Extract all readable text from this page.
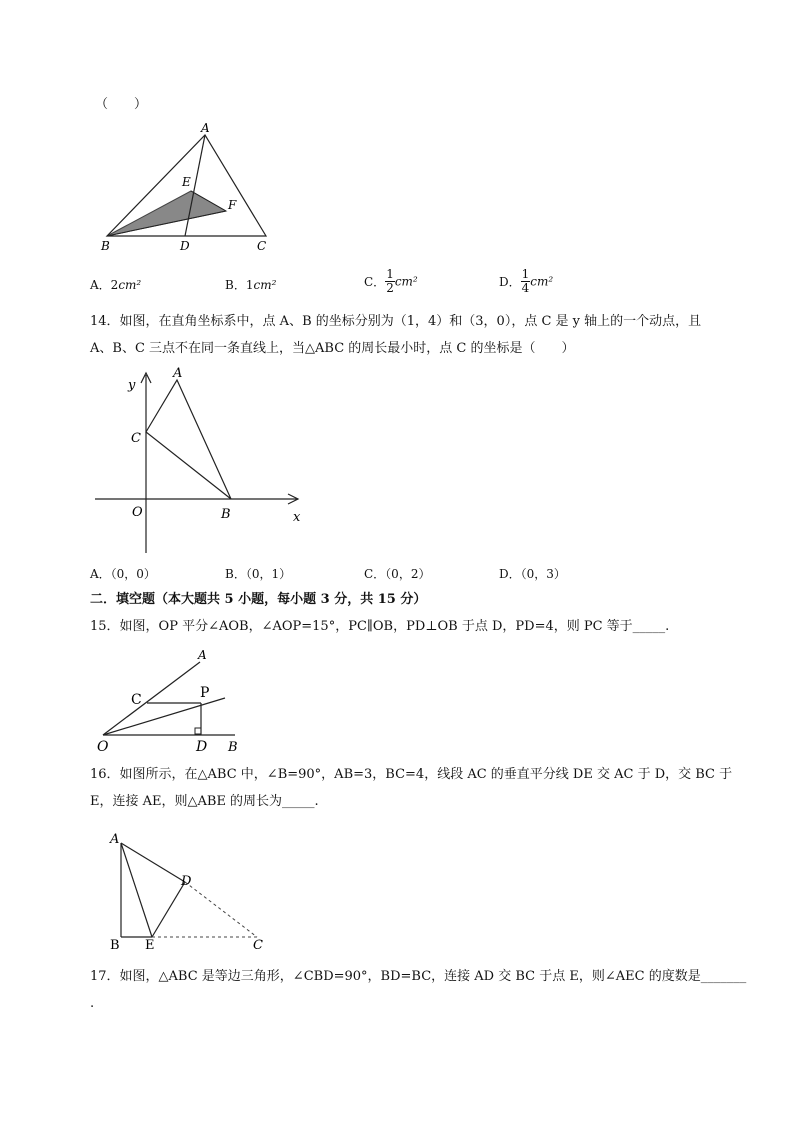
（　　）
A
E
F
B	D	C
A．2cm²	B．1cm²	C． $\frac{1}{2} cm^2$	D． $\frac{1}{4} cm^2$
14．如图，在直角坐标系中，点 A、B 的坐标分别为（1，4）和（3，0），点 C 是 y 轴上的一个动点，且
A、B、C 三点不在同一条直线上，当△ABC 的周长最小时，点 C 的坐标是（　　）
y
A
C
O	B	x
A．（0，0）	B．（0，1）	C．（0，2）	D．（0，3）
二．填空题（本大题共 5 小题，每小题 3 分，共 15 分）
15．如图，OP 平分∠AOB，∠AOP=15°，PC∥OB，PD⊥OB 于点 D，PD=4，则 PC 等于_____.
A
C	P
O	D B
16．如图所示，在△ABC 中，∠B=90°，AB=3，BC=4，线段 AC 的垂直平分线 DE 交 AC 于 D，交 BC 于
E，连接 AE，则△ABE 的周长为_____.
A
D
B E	C
17．如图，△ABC 是等边三角形，∠CBD=90°，BD=BC，连接 AD 交 BC 于点 E，则∠AEC 的度数是_______
.
